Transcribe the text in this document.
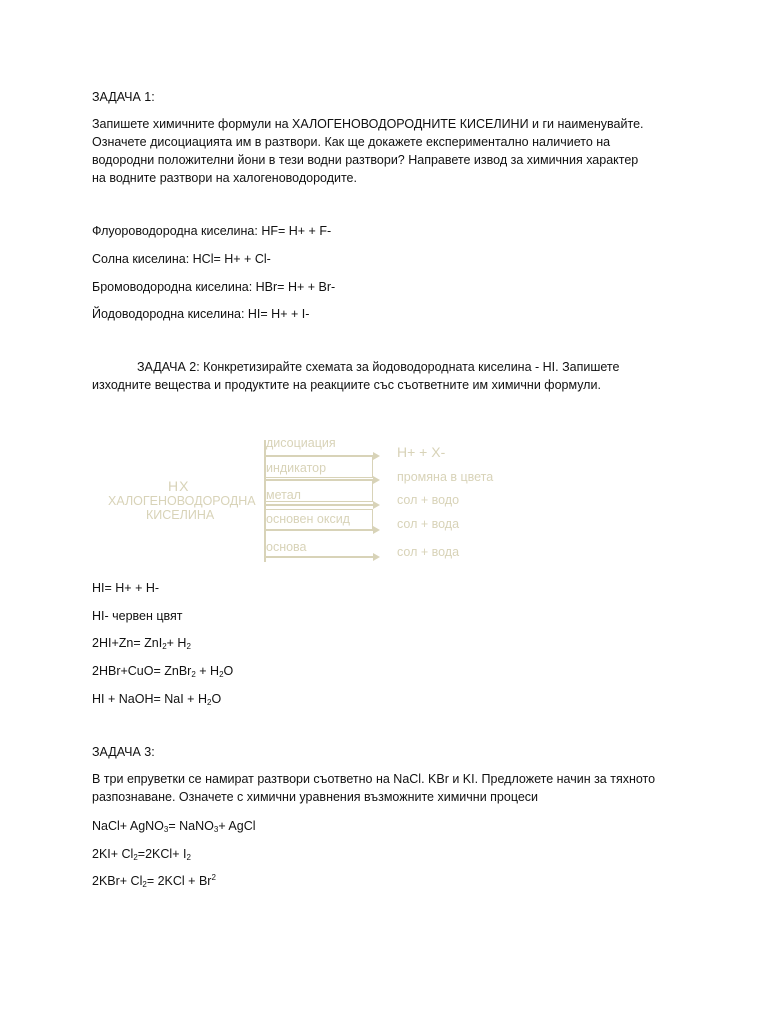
ЗАДАЧА 1:
Запишете химичните формули на ХАЛОГЕНОВОДОРОДНИТЕ КИСЕЛИНИ и ги наименувайте.
Означете дисоциацията им в разтвори. Как ще докажете експериментално наличието на
водородни положителни йони в тези водни разтвори? Направете извод за химичния характер
на водните разтвори на халогеноводородите.
Флуороводородна киселина: HF= H+ + F-
Солна киселина: HCl= H+ + Cl-
Бромоводородна киселина: HBr= H+ + Br-
Йодоводородна киселина: HI= H+ + I-
ЗАДАЧА 2: Конкретизирайте схемата за йодоводородната киселина - HI. Запишете
изходните вещества и продуктите на реакциите със съответните им химични формули.
HX
ХАЛОГЕНОВОДОРОДНА
КИСЕЛИНА
дисоциация
индикатор
метал
основен оксид
основа
H+ + X-
промяна в цвета
сол + водо
сол + вода
сол + вода
HI= H+ + H-
HI- червен цвят
$2HI+Zn= ZnI_2+ H_2$
2HBr+CuO= ZnBr$_2$ + $H_2O$
HI + NaOH= NaI + $H_2O$
ЗАДАЧА 3:
В три епруветки се намират разтвори съответно на NaCl. KBr и KI. Предложете начин за тяхното
разпознаване. Означете с химични уравнения възможните химични процеси
NaCl+ AgNO$_3$= NaNO$_3$+ AgCl
$2KI+ Cl_2=2KCl+ I_2$
$2KBr+ Cl_2= 2KCl + Br^2$
